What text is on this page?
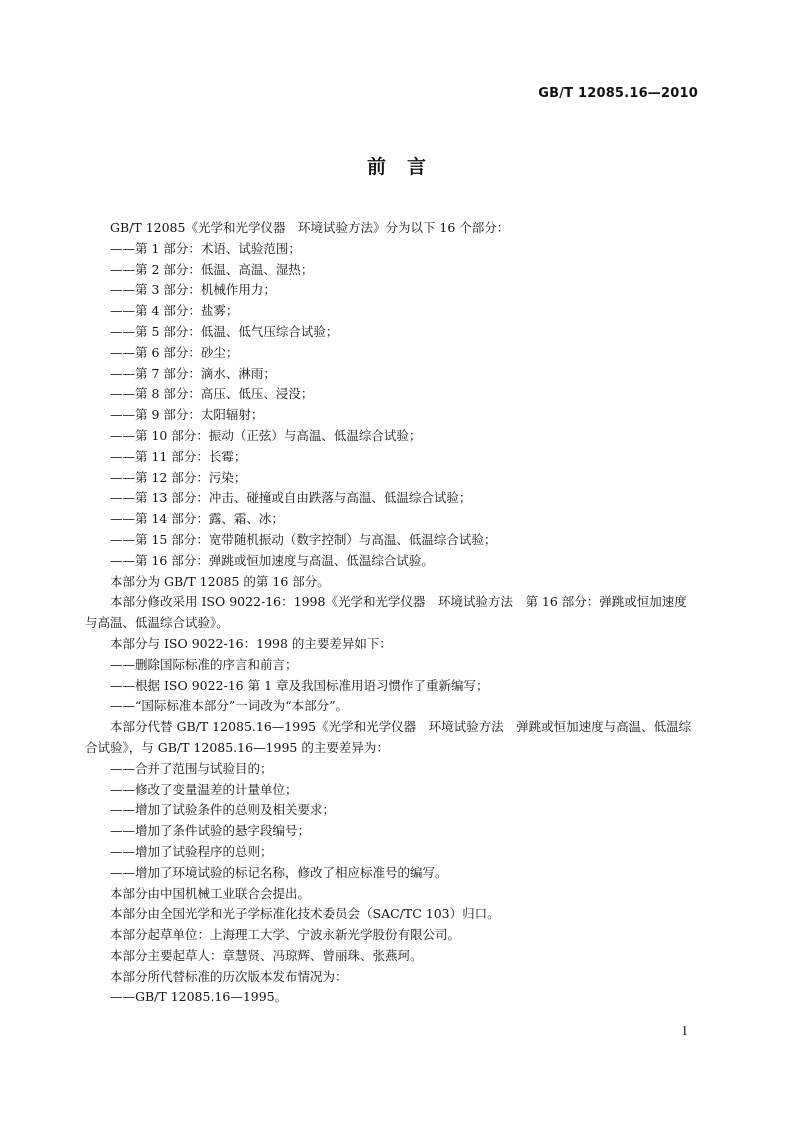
GB/T 12085.16—2010
前　言
GB/T 12085《光学和光学仪器　环境试验方法》分为以下 16 个部分：
——第 1 部分：术语、试验范围；
——第 2 部分：低温、高温、湿热；
——第 3 部分：机械作用力；
——第 4 部分：盐雾；
——第 5 部分：低温、低气压综合试验；
——第 6 部分：砂尘；
——第 7 部分：滴水、淋雨；
——第 8 部分：高压、低压、浸没；
——第 9 部分：太阳辐射；
——第 10 部分：振动（正弦）与高温、低温综合试验；
——第 11 部分：长霉；
——第 12 部分：污染；
——第 13 部分：冲击、碰撞或自由跌落与高温、低温综合试验；
——第 14 部分：露、霜、冰；
——第 15 部分：宽带随机振动（数字控制）与高温、低温综合试验；
——第 16 部分：弹跳或恒加速度与高温、低温综合试验。
本部分为 GB/T 12085 的第 16 部分。
本部分修改采用 ISO 9022-16：1998《光学和光学仪器　环境试验方法　第 16 部分：弹跳或恒加速度与高温、低温综合试验》。
本部分与 ISO 9022-16：1998 的主要差异如下：
——删除国际标准的序言和前言；
——根据 ISO 9022-16 第 1 章及我国标准用语习惯作了重新编写；
——“国际标准本部分”一词改为“本部分”。
本部分代替 GB/T 12085.16—1995《光学和光学仪器　环境试验方法　弹跳或恒加速度与高温、低温综合试验》，与 GB/T 12085.16—1995 的主要差异为：
——合并了范围与试验目的；
——修改了变量温差的计量单位；
——增加了试验条件的总则及相关要求；
——增加了条件试验的悬字段编号；
——增加了试验程序的总则；
——增加了环境试验的标记名称，修改了相应标准号的编写。
本部分由中国机械工业联合会提出。
本部分由全国光学和光子学标准化技术委员会（SAC/TC 103）归口。
本部分起草单位：上海理工大学、宁波永新光学股份有限公司。
本部分主要起草人：章慧贤、冯琼辉、曾丽珠、张燕珂。
本部分所代替标准的历次版本发布情况为：
——GB/T 12085.16—1995。
I
